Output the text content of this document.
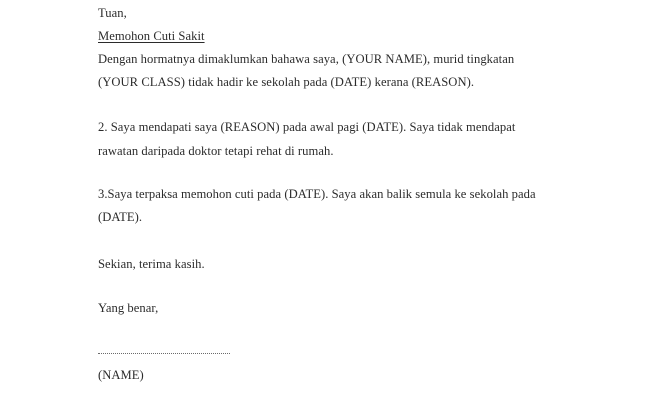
Tuan,
Memohon Cuti Sakit
Dengan hormatnya dimaklumkan bahawa saya, (YOUR NAME), murid tingkatan
(YOUR CLASS) tidak hadir ke sekolah pada (DATE) kerana (REASON).
2. Saya mendapati saya (REASON) pada awal pagi (DATE). Saya tidak mendapat
rawatan daripada doktor tetapi rehat di rumah.
3.Saya terpaksa memohon cuti pada (DATE). Saya akan balik semula ke sekolah pada
(DATE).
Sekian, terima kasih.
Yang benar,
(NAME)
